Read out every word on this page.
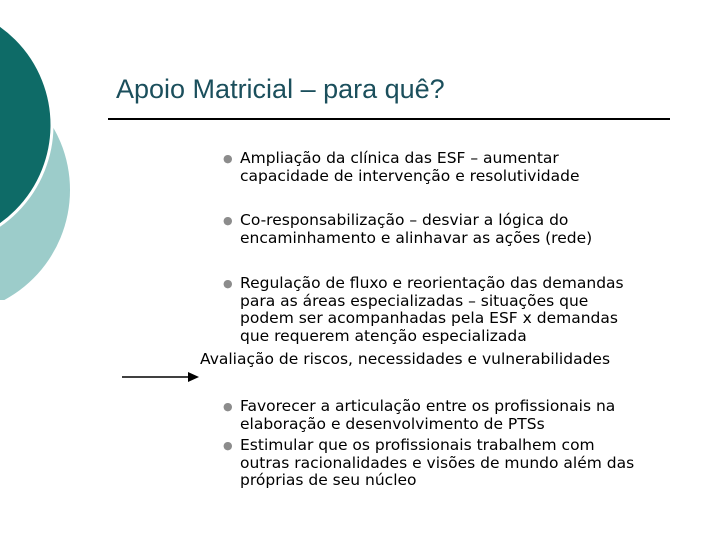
Apoio Matricial – para quê?
● Ampliação da clínica das ESF – aumentar
capacidade de intervenção e resolutividade
● Co-responsabilização – desviar a lógica do
encaminhamento e alinhavar as ações (rede)
● Regulação de fluxo e reorientação das demandas
para as áreas especializadas – situações que
podem ser acompanhadas pela ESF x demandas
que requerem atenção especializada
Avaliação de riscos, necessidades e vulnerabilidades
● Favorecer a articulação entre os profissionais na
elaboração e desenvolvimento de PTSs
● Estimular que os profissionais trabalhem com
outras racionalidades e visões de mundo além das
próprias de seu núcleo
